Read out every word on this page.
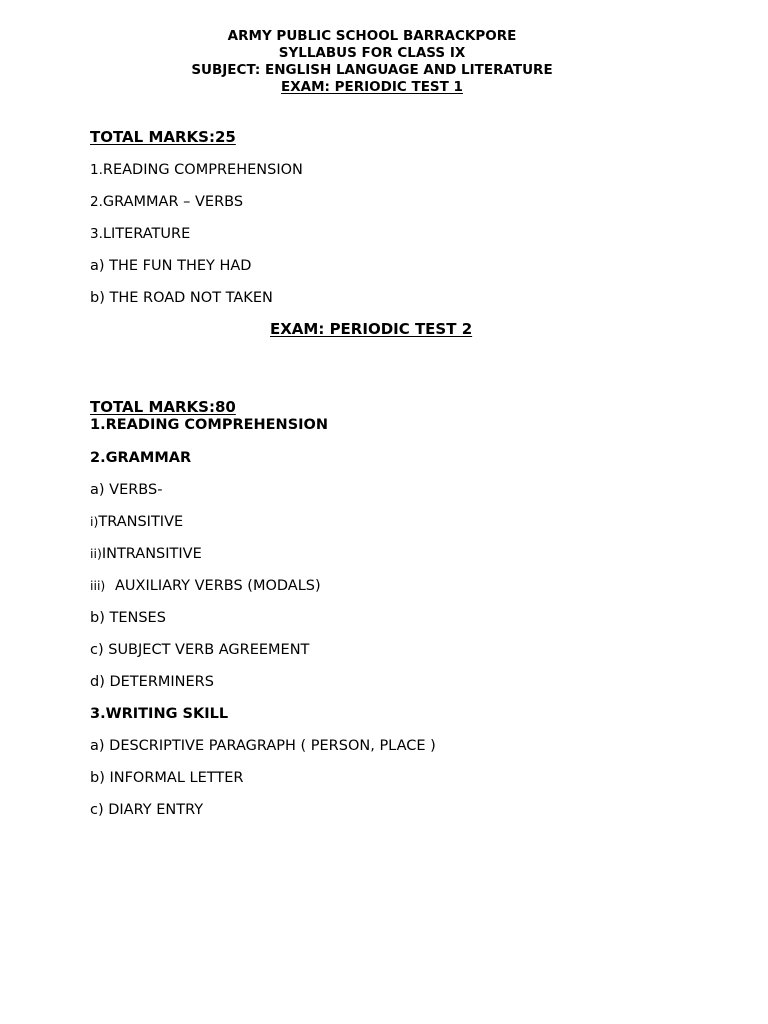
ARMY PUBLIC SCHOOL BARRACKPORE
SYLLABUS FOR CLASS IX
SUBJECT: ENGLISH LANGUAGE AND LITERATURE
EXAM: PERIODIC TEST 1
TOTAL MARKS:25
1.READING COMPREHENSION
2.GRAMMAR – VERBS
3.LITERATURE
a) THE FUN THEY HAD
b) THE ROAD NOT TAKEN
EXAM: PERIODIC TEST 2
TOTAL MARKS:80
1.READING COMPREHENSION
2.GRAMMAR
a) VERBS-
i)TRANSITIVE
ii)INTRANSITIVE
iii) AUXILIARY VERBS (MODALS)
b) TENSES
c) SUBJECT VERB AGREEMENT
d) DETERMINERS
3.WRITING SKILL
a) DESCRIPTIVE PARAGRAPH ( PERSON, PLACE )
b) INFORMAL LETTER
c) DIARY ENTRY
